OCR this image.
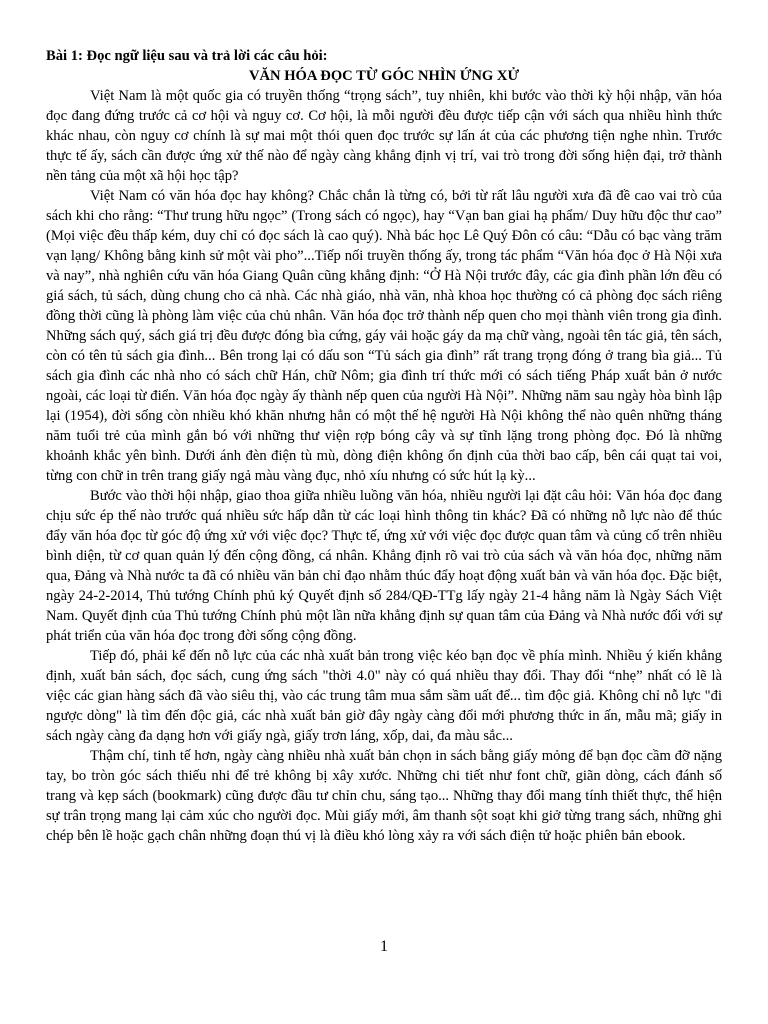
Bài 1: Đọc ngữ liệu sau và trả lời các câu hỏi:

VĂN HÓA ĐỌC TỪ GÓC NHÌN ỨNG XỬ

Việt Nam là một quốc gia có truyền thống “trọng sách”, tuy nhiên, khi bước vào thời kỳ hội nhập, văn hóa đọc đang đứng trước cả cơ hội và nguy cơ. Cơ hội, là mỗi người đều được tiếp cận với sách qua nhiều hình thức khác nhau, còn nguy cơ chính là sự mai một thói quen đọc trước sự lấn át của các phương tiện nghe nhìn. Trước thực tế ấy, sách cần được ứng xử thế nào để ngày càng khẳng định vị trí, vai trò trong đời sống hiện đại, trở thành nền tảng của một xã hội học tập?

Việt Nam có văn hóa đọc hay không? Chắc chắn là từng có, bởi từ rất lâu người xưa đã đề cao vai trò của sách khi cho rằng: “Thư trung hữu ngọc” (Trong sách có ngọc), hay “Vạn ban giai hạ phẩm/ Duy hữu độc thư cao” (Mọi việc đều thấp kém, duy chỉ có đọc sách là cao quý). Nhà bác học Lê Quý Đôn có câu: “Dẫu có bạc vàng trăm vạn lạng/ Không bằng kinh sử một vài pho”...Tiếp nối truyền thống ấy, trong tác phẩm “Văn hóa đọc ở Hà Nội xưa và nay”, nhà nghiên cứu văn hóa Giang Quân cũng khẳng định: “Ở Hà Nội trước đây, các gia đình phần lớn đều có giá sách, tủ sách, dùng chung cho cả nhà. Các nhà giáo, nhà văn, nhà khoa học thường có cả phòng đọc sách riêng đồng thời cũng là phòng làm việc của chủ nhân. Văn hóa đọc trở thành nếp quen cho mọi thành viên trong gia đình. Những sách quý, sách giá trị đều được đóng bìa cứng, gáy vải hoặc gáy da mạ chữ vàng, ngoài tên tác giả, tên sách, còn có tên tủ sách gia đình... Bên trong lại có dấu son “Tủ sách gia đình” rất trang trọng đóng ở trang bìa giả... Tủ sách gia đình các nhà nho có sách chữ Hán, chữ Nôm; gia đình trí thức mới có sách tiếng Pháp xuất bản ở nước ngoài, các loại từ điển. Văn hóa đọc ngày ấy thành nếp quen của người Hà Nội”. Những năm sau ngày hòa bình lập lại (1954), đời sống còn nhiều khó khăn nhưng hẳn có một thế hệ người Hà Nội không thể nào quên những tháng năm tuổi trẻ của mình gắn bó với những thư viện rợp bóng cây và sự tĩnh lặng trong phòng đọc. Đó là những khoảnh khắc yên bình. Dưới ánh đèn điện tù mù, dòng điện không ổn định của thời bao cấp, bên cái quạt tai voi, từng con chữ in trên trang giấy ngả màu vàng đục, nhỏ xíu nhưng có sức hút lạ kỳ...

Bước vào thời hội nhập, giao thoa giữa nhiều luồng văn hóa, nhiều người lại đặt câu hỏi: Văn hóa đọc đang chịu sức ép thế nào trước quá nhiều sức hấp dẫn từ các loại hình thông tin khác? Đã có những nỗ lực nào để thúc đẩy văn hóa đọc từ góc độ ứng xử với việc đọc? Thực tế, ứng xử với việc đọc được quan tâm và củng cố trên nhiều bình diện, từ cơ quan quản lý đến cộng đồng, cá nhân. Khẳng định rõ vai trò của sách và văn hóa đọc, những năm qua, Đảng và Nhà nước ta đã có nhiều văn bản chỉ đạo nhằm thúc đẩy hoạt động xuất bản và văn hóa đọc. Đặc biệt, ngày 24-2-2014, Thủ tướng Chính phủ ký Quyết định số 284/QĐ-TTg lấy ngày 21-4 hằng năm là Ngày Sách Việt Nam. Quyết định của Thủ tướng Chính phủ một lần nữa khẳng định sự quan tâm của Đảng và Nhà nước đối với sự phát triển của văn hóa đọc trong đời sống cộng đồng.

Tiếp đó, phải kể đến nỗ lực của các nhà xuất bản trong việc kéo bạn đọc về phía mình. Nhiều ý kiến khẳng định, xuất bản sách, đọc sách, cung ứng sách "thời 4.0" này có quá nhiều thay đổi. Thay đổi “nhẹ” nhất có lẽ là việc các gian hàng sách đã vào siêu thị, vào các trung tâm mua sắm sầm uất để... tìm độc giả. Không chỉ nỗ lực "đi ngược dòng" là tìm đến độc giả, các nhà xuất bản giờ đây ngày càng đổi mới phương thức in ấn, mẫu mã; giấy in sách ngày càng đa dạng hơn với giấy ngà, giấy trơn láng, xốp, dai, đa màu sắc...

Thậm chí, tinh tế hơn, ngày càng nhiều nhà xuất bản chọn in sách bằng giấy mỏng để bạn đọc cầm đỡ nặng tay, bo tròn góc sách thiếu nhi để trẻ không bị xây xước. Những chi tiết như font chữ, giãn dòng, cách đánh số trang và kẹp sách (bookmark) cũng được đầu tư chỉn chu, sáng tạo... Những thay đổi mang tính thiết thực, thể hiện sự trân trọng mang lại cảm xúc cho người đọc. Mùi giấy mới, âm thanh sột soạt khi giở từng trang sách, những ghi chép bên lề hoặc gạch chân những đoạn thú vị là điều khó lòng xảy ra với sách điện tử hoặc phiên bản ebook.

1
